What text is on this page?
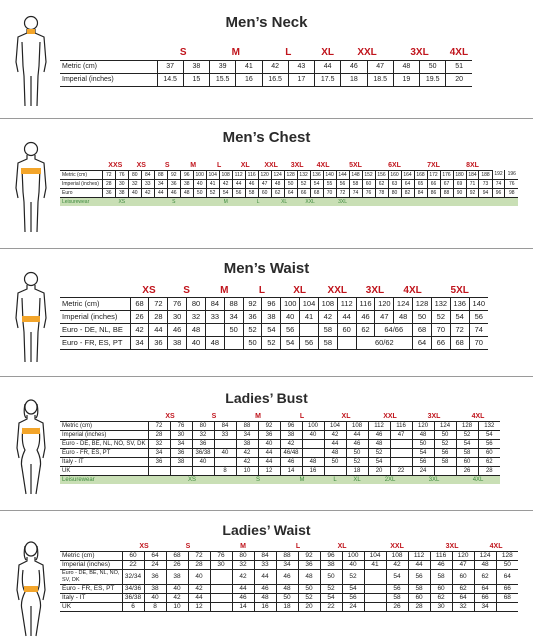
Men’s Neck
	S		M		L		XL	XXL		3XL		4XL
Metric (cm)	37	38	39	41	42	43	44	46	47	48	50	51
Imperial (inches)	14.5	15	15.5	16	16.5	17	17.5	18	18.5	19	19.5	20
Men’s Chest
	XXS		XS		S		M		L		XL		XXL		3XL		4XL		5XL			6XL			7XL			8XL				
Metric (cm)	72	76	80	84	88	92	96	100	104	108	112	116	120	124	128	132	136	140	144	148	152	156	160	164	168	172	176	180	184	188	192	196
Imperial (inches)	28	30	32	33	34	36	38	40	41	42	44	46	47	48	50	52	54	55	56	58	60	62	63	64	65	66	67	69	71	73	74	76
Euro	36	38	40	42	44	46	48	50	52	54	56	58	60	62	64	66	68	70	72	74	76	78	80	82	84	86	88	90	92	94	96	98
Leisurewear	XS			S					M			L		XL		XXL		3XL														
Men’s Waist
	XS		S		M		L		XL		XXL		3XL		4XL		5XL		
Metric (cm)	68	72	76	80	84	88	92	96	100	104	108	112	116	120	124	128	132	136	140
Imperial (inches)	26	28	30	32	33	34	36	38	40	41	42	44	46	47	48	50	52	54	56
Euro - DE, NL, BE	42	44	46	48		50	52	54	56		58	60	62	64/66		68	70	72	74
Euro - FR, ES, PT	34	36	38	40	48		50	52	54	56	58		60/62			64	66	68	70
Ladies’ Bust
	XS		S		M		L		XL		XXL		3XL		4XL		
Metric (cm)	72	76	80	84	88	92	96	100	104	108	112	116	120	124	128	132	
Imperial (inches)	28	30	32	33	34	36	38	40	42	44	46	47	48	50	52	54	
Euro - DE, BE, NL, NO, SV, DK	32	34	36		38	40	42		44	46	48		50	52	54	56	
Euro - FR, ES, PT	34	36	36/38	40	42	44	46/48		48	50	52		54	56	58	60	
Italy - IT	36	38	40		42	44	46	48	50	52	54		56	58	60	62	
UK				8	10	12	14	16		18	20	22	24		26	28	
Leisurewear	XS				S		M		L	XL	2XL		3XL		4XL		
Ladies’ Waist
	XS		S		M			L		XL		XXL			3XL		4XL	
Metric (cm)	60	64	68	72	76	80	84	88	92	96	100	104	108	112	116	120	124	128
Imperial (inches)	22	24	26	28	30	32	33	34	36	38	40	41	42	44	46	47	48	50
Euro - DE, BE, NL, NO, SV, DK	32/34	36	38	40		42	44	46	48	50	52		54	56	58	60	62	64
Euro - FR, ES, PT	34/36	38	40	42		44	46	48	50	52	54		56	58	60	62	64	66
Italy - IT	36/38	40	42	44		46	48	50	52	54	56		58	60	62	64	66	68
UK	6	8	10	12		14	16	18	20	22	24		26	28	30	32	34	
